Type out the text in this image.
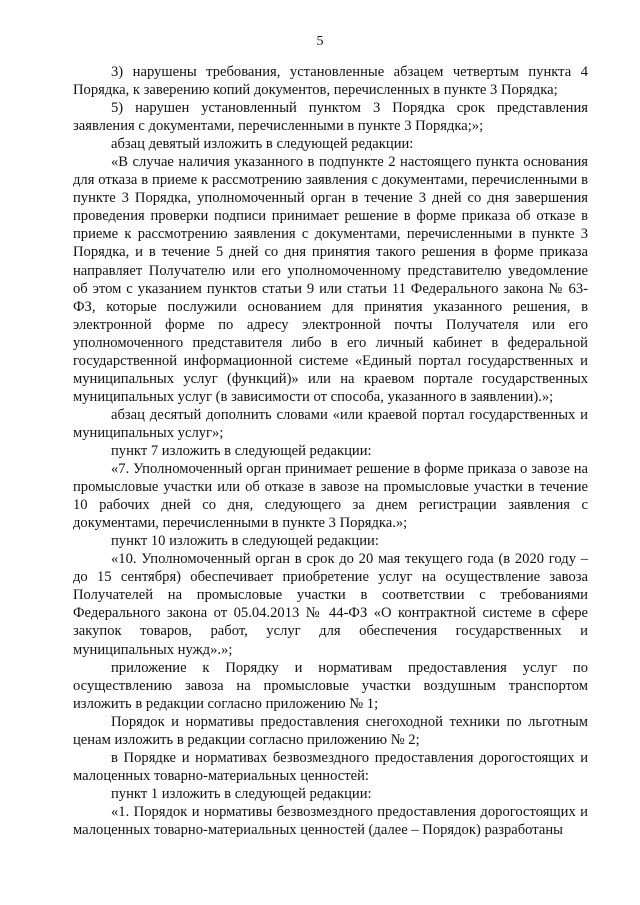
5

3) нарушены требования, установленные абзацем четвертым пункта 4 Порядка, к заверению копий документов, перечисленных в пункте 3 Порядка;

5) нарушен установленный пунктом 3 Порядка срок представления заявления с документами, перечисленными в пункте 3 Порядка;»;

абзац девятый изложить в следующей редакции:

«В случае наличия указанного в подпункте 2 настоящего пункта основания для отказа в приеме к рассмотрению заявления с документами, перечисленными в пункте 3 Порядка, уполномоченный орган в течение 3 дней со дня завершения проведения проверки подписи принимает решение в форме приказа об отказе в приеме к рассмотрению заявления с документами, перечисленными в пункте 3 Порядка, и в течение 5 дней со дня принятия такого решения в форме приказа направляет Получателю или его уполномоченному представителю уведомление об этом с указанием пунктов статьи 9 или статьи 11 Федерального закона № 63-ФЗ, которые послужили основанием для принятия указанного решения, в электронной форме по адресу электронной почты Получателя или его уполномоченного представителя либо в его личный кабинет в федеральной государственной информационной системе «Единый портал государственных и муниципальных услуг (функций)» или на краевом портале государственных муниципальных услуг (в зависимости от способа, указанного в заявлении).»;

абзац десятый дополнить словами «или краевой портал государственных и муниципальных услуг»;

пункт 7 изложить в следующей редакции:

«7. Уполномоченный орган принимает решение в форме приказа о завозе на промысловые участки или об отказе в завозе на промысловые участки в течение 10 рабочих дней со дня, следующего за днем регистрации заявления с документами, перечисленными в пункте 3 Порядка.»;

пункт 10 изложить в следующей редакции:

«10. Уполномоченный орган в срок до 20 мая текущего года (в 2020 году – до 15 сентября) обеспечивает приобретение услуг на осуществление завоза Получателей на промысловые участки в соответствии с требованиями Федерального закона от 05.04.2013 № 44-ФЗ «О контрактной системе в сфере закупок товаров, работ, услуг для обеспечения государственных и муниципальных нужд».»;

приложение к Порядку и нормативам предоставления услуг по осуществлению завоза на промысловые участки воздушным транспортом изложить в редакции согласно приложению № 1;

Порядок и нормативы предоставления снегоходной техники по льготным ценам изложить в редакции согласно приложению № 2;

в Порядке и нормативах безвозмездного предоставления дорогостоящих и малоценных товарно-материальных ценностей:

пункт 1 изложить в следующей редакции:

«1. Порядок и нормативы безвозмездного предоставления дорогостоящих и малоценных товарно-материальных ценностей (далее – Порядок) разработаны
